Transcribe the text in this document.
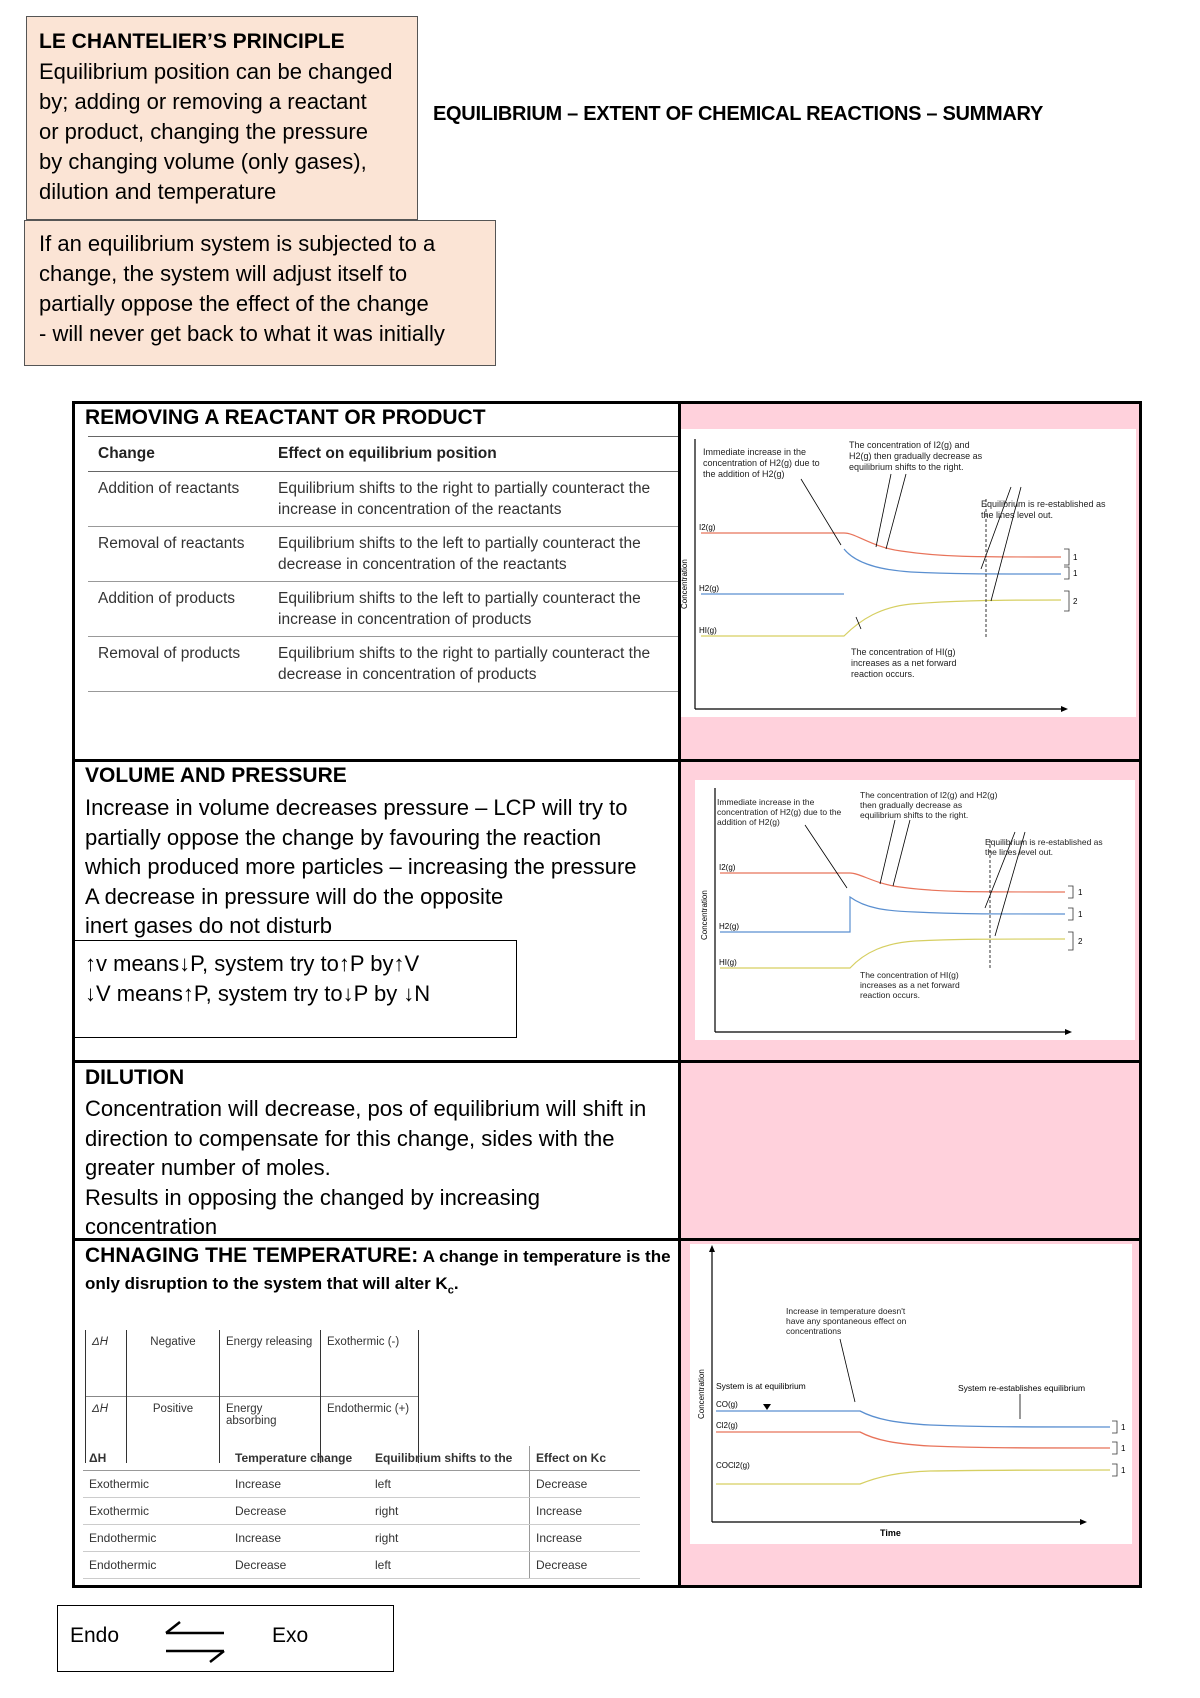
LE CHANTELIER’S PRINCIPLE
Equilibrium position can be changed
by; adding or removing a reactant
or product, changing the pressure
by changing volume (only gases),
dilution and temperature
If an equilibrium system is subjected to a
change, the system will adjust itself to
partially oppose the effect of the change
- will never get back to what it was initially
EQUILIBRIUM – EXTENT OF CHEMICAL REACTIONS – SUMMARY
REMOVING A REACTANT OR PRODUCT
Change	Effect on equilibrium position
Addition of reactants	Equilibrium shifts to the right to partially counteract the increase in concentration of the reactants
Removal of reactants	Equilibrium shifts to the left to partially counteract the decrease in concentration of the reactants
Addition of products	Equilibrium shifts to the left to partially counteract the increase in concentration of products
Removal of products	Equilibrium shifts to the right to partially counteract the decrease in concentration of products
Concentration
I2(g)
H2(g)
HI(g)
1
1
2
Immediate increase in the concentration of H2(g) due to the addition of H2(g)
The concentration of I2(g) and H2(g) then gradually decrease as equilibrium shifts to the right.
Equilibrium is re-established as the lines level out.
The concentration of HI(g) increases as a net forward reaction occurs.
VOLUME AND PRESSURE
Increase in volume decreases pressure – LCP will try to
partially oppose the change by favouring the reaction
which produced more particles – increasing the pressure
A decrease in pressure will do the opposite
inert gases do not disturb
↑v means↓P, system try to↑P by↑V
↓V means↑P, system try to↓P by ↓N
Concentration
I2(g)
H2(g)
HI(g)
1
1
2
Immediate increase in the concentration of H2(g) due to the addition of H2(g)
The concentration of I2(g) and H2(g) then gradually decrease as equilibrium shifts to the right.
Equilibrium is re-established as the lines level out.
The concentration of HI(g) increases as a net forward reaction occurs.
DILUTION
Concentration will decrease, pos of equilibrium will shift in
direction to compensate for this change, sides with the
greater number of moles.
Results in opposing the changed by increasing
concentration
CHNAGING THE TEMPERATURE: A change in temperature is the only disruption to the system that will alter $K_c$.
ΔH	Negative	Energy releasing	Exothermic (-)
ΔH	Positive	Energy absorbing	Endothermic (+)
ΔH	Temperature change	Equilibrium shifts to the	Effect on Kc
Exothermic	Increase	left	Decrease
Exothermic	Decrease	right	Increase
Endothermic	Increase	right	Increase
Endothermic	Decrease	left	Decrease
Concentration
Time
System is at equilibrium	System re-establishes equilibrium
CO(g)
Cl2(g)
COCl2(g)
1
1
1
Increase in temperature doesn't have any spontaneous effect on concentrations
Endo	Exo
